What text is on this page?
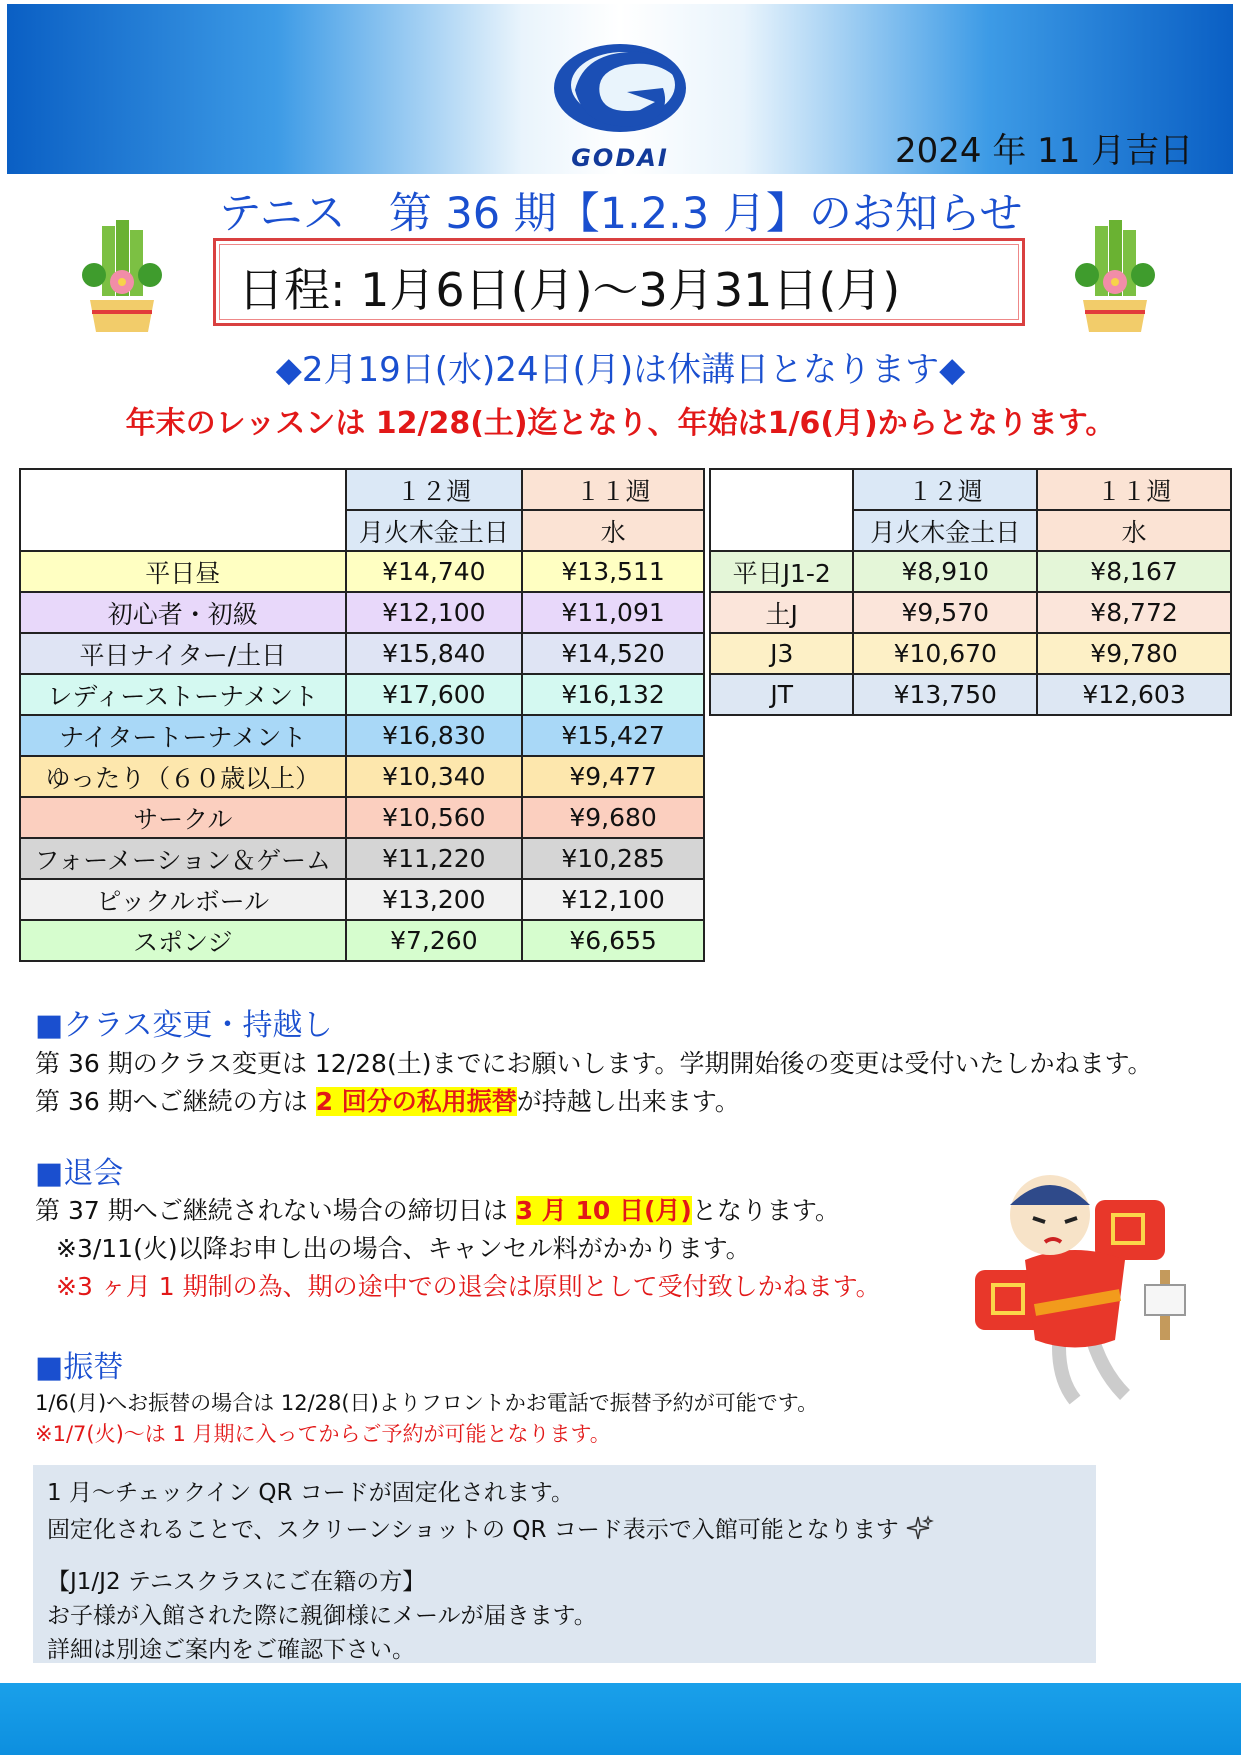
GODAI	2024 年 11 月吉日
テニス　第 36 期【1.2.3 月】のお知らせ
日程: 1月6日(月)～3月31日(月)
◆2月19日(水)24日(月)は休講日となります◆
年末のレッスンは 12/28(土)迄となり、年始は1/6(月)からとなります。
	１２週	１１週
	月火木金土日	水
平日昼	¥14,740	¥13,511
初心者・初級	¥12,100	¥11,091
平日ナイター/土日	¥15,840	¥14,520
レディーストーナメント	¥17,600	¥16,132
ナイタートーナメント	¥16,830	¥15,427
ゆったり（６０歳以上）	¥10,340	¥9,477
サークル	¥10,560	¥9,680
フォーメーション＆ゲーム	¥11,220	¥10,285
ピックルボール	¥13,200	¥12,100
スポンジ	¥7,260	¥6,655
	１２週	１１週
	月火木金土日	水
平日J1-2	¥8,910	¥8,167
土J	¥9,570	¥8,772
J3	¥10,670	¥9,780
JT	¥13,750	¥12,603
■クラス変更・持越し
第 36 期のクラス変更は 12/28(土)までにお願いします。学期開始後の変更は受付いたしかねます。
第 36 期へご継続の方は 2 回分の私用振替が持越し出来ます。
■退会
第 37 期へご継続されない場合の締切日は 3 月 10 日(月)となります。
※3/11(火)以降お申し出の場合、キャンセル料がかかります。
※3 ヶ月 1 期制の為、期の途中での退会は原則として受付致しかねます。
■振替
1/6(月)へお振替の場合は 12/28(日)よりフロントかお電話で振替予約が可能です。
※1/7(火)～は 1 月期に入ってからご予約が可能となります。
1 月～チェックイン QR コードが固定化されます。
固定化されることで、スクリーンショットの QR コード表示で入館可能となります
【J1/J2 テニスクラスにご在籍の方】
お子様が入館された際に親御様にメールが届きます。
詳細は別途ご案内をご確認下さい。
